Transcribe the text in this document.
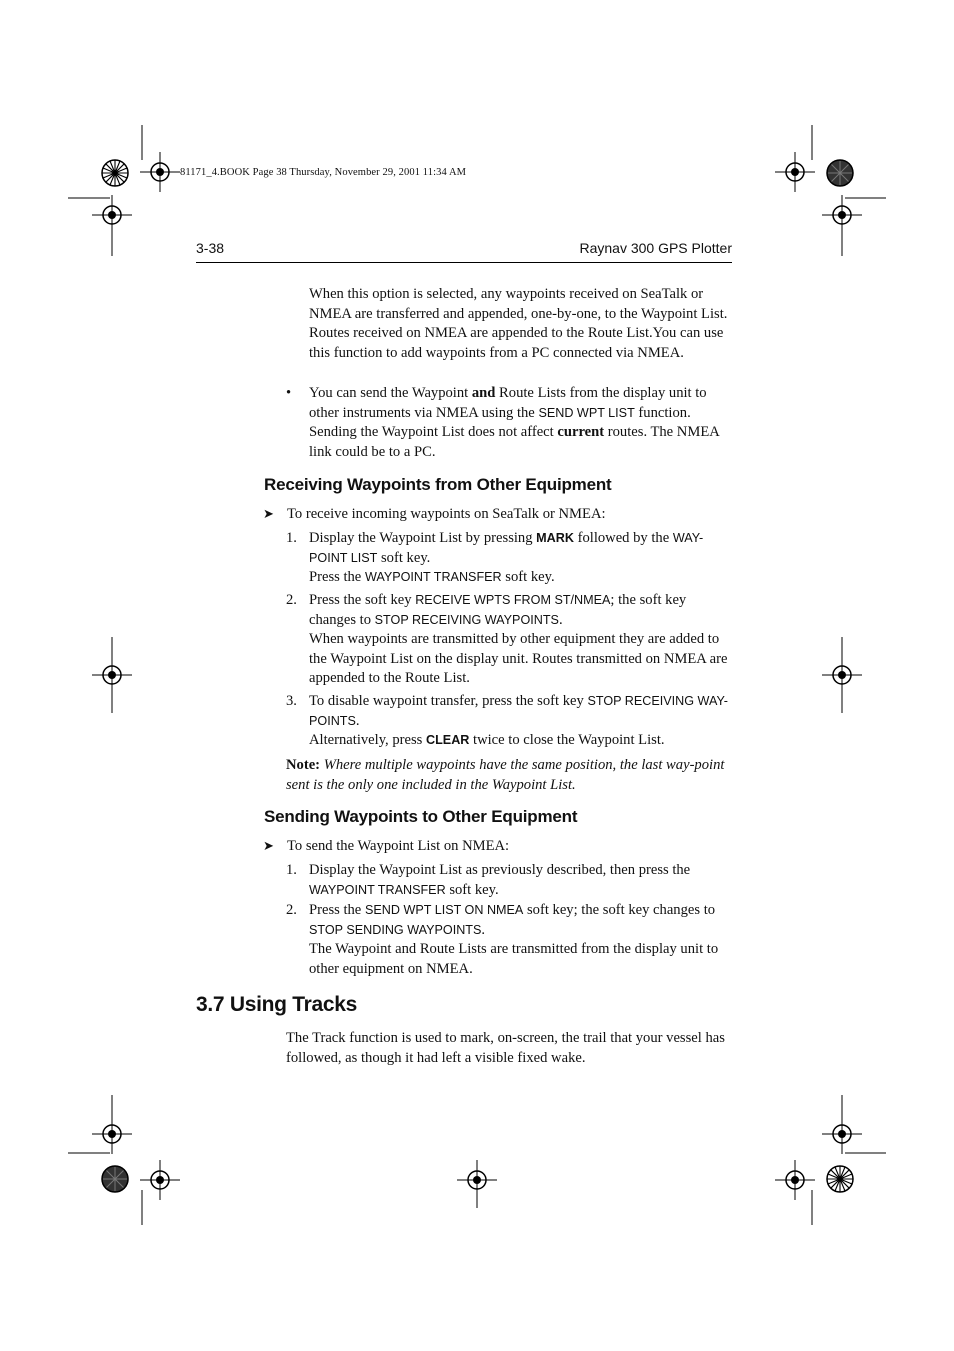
81171_4.BOOK Page 38 Thursday, November 29, 2001 11:34 AM
3-38	Raynav 300 GPS Plotter
When this option is selected, any waypoints received on SeaTalk or NMEA are transferred and appended, one-by-one, to the Waypoint List. Routes received on NMEA are appended to the Route List.You can use this function to add waypoints from a PC connected via NMEA.
• You can send the Waypoint and Route Lists from the display unit to other instruments via NMEA using the SEND WPT LIST function. Sending the Waypoint List does not affect current routes. The NMEA link could be to a PC.
Receiving Waypoints from Other Equipment
➤ To receive incoming waypoints on SeaTalk or NMEA:
1. Display the Waypoint List by pressing MARK followed by the WAY-POINT LIST soft key.
Press the WAYPOINT TRANSFER soft key.
2. Press the soft key RECEIVE WPTS FROM ST/NMEA; the soft key changes to STOP RECEIVING WAYPOINTS.
When waypoints are transmitted by other equipment they are added to the Waypoint List on the display unit. Routes transmitted on NMEA are appended to the Route List.
3. To disable waypoint transfer, press the soft key STOP RECEIVING WAY-POINTS.
Alternatively, press CLEAR twice to close the Waypoint List.
Note: Where multiple waypoints have the same position, the last way-point sent is the only one included in the Waypoint List.
Sending Waypoints to Other Equipment
➤ To send the Waypoint List on NMEA:
1. Display the Waypoint List as previously described, then press the WAYPOINT TRANSFER soft key.
2. Press the SEND WPT LIST ON NMEA soft key; the soft key changes to STOP SENDING WAYPOINTS.
The Waypoint and Route Lists are transmitted from the display unit to other equipment on NMEA.
3.7 Using Tracks
The Track function is used to mark, on-screen, the trail that your vessel has followed, as though it had left a visible fixed wake.
